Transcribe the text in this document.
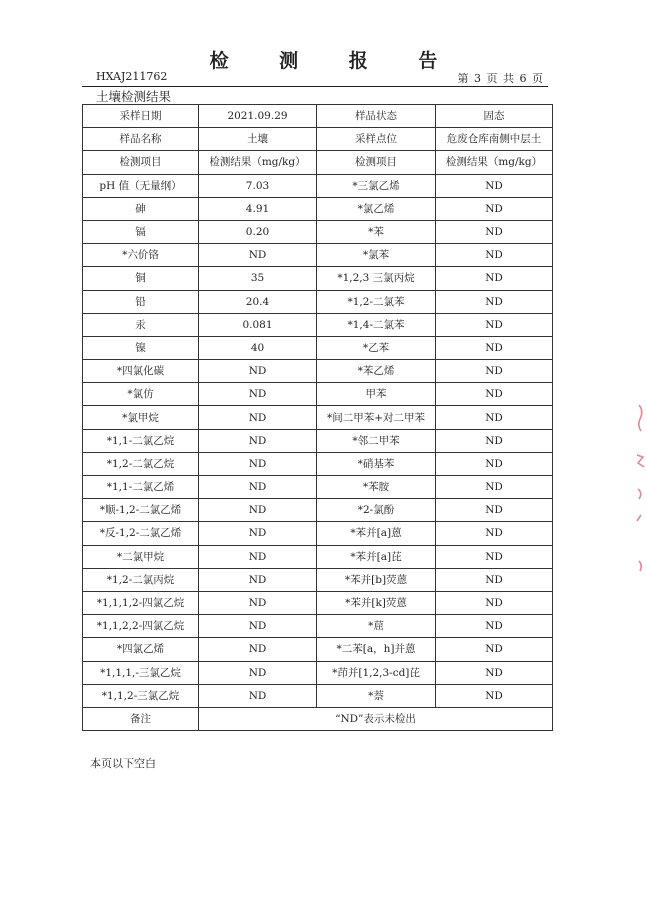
检 测 报 告
HXAJ211762	第 3 页 共 6 页
土壤检测结果
采样日期	2021.09.29	样品状态	固态
样品名称	土壤	采样点位	危废仓库南侧中层土
检测项目	检测结果（mg/kg）	检测项目	检测结果（mg/kg）
pH 值（无量纲）	7.03	*三氯乙烯	ND
砷	4.91	*氯乙烯	ND
镉	0.20	*苯	ND
*六价铬	ND	*氯苯	ND
铜	35	*1,2,3 三氯丙烷	ND
铅	20.4	*1,2-二氯苯	ND
汞	0.081	*1,4-二氯苯	ND
镍	40	*乙苯	ND
*四氯化碳	ND	*苯乙烯	ND
*氯仿	ND	甲苯	ND
*氯甲烷	ND	*间二甲苯+对二甲苯	ND
*1,1-二氯乙烷	ND	*邻二甲苯	ND
*1,2-二氯乙烷	ND	*硝基苯	ND
*1,1-二氯乙烯	ND	*苯胺	ND
*顺-1,2-二氯乙烯	ND	*2-氯酚	ND
*反-1,2-二氯乙烯	ND	*苯并[a]蒽	ND
*二氯甲烷	ND	*苯并[a]芘	ND
*1,2-二氯丙烷	ND	*苯并[b]荧蒽	ND
*1,1,1,2-四氯乙烷	ND	*苯并[k]荧蒽	ND
*1,1,2,2-四氯乙烷	ND	*䓛	ND
*四氯乙烯	ND	*二苯[a，h]并蒽	ND
*1,1,1,-三氯乙烷	ND	*茚并[1,2,3-cd]芘	ND
*1,1,2-三氯乙烷	ND	*萘	ND
备注	“ND”表示未检出		
本页以下空白
